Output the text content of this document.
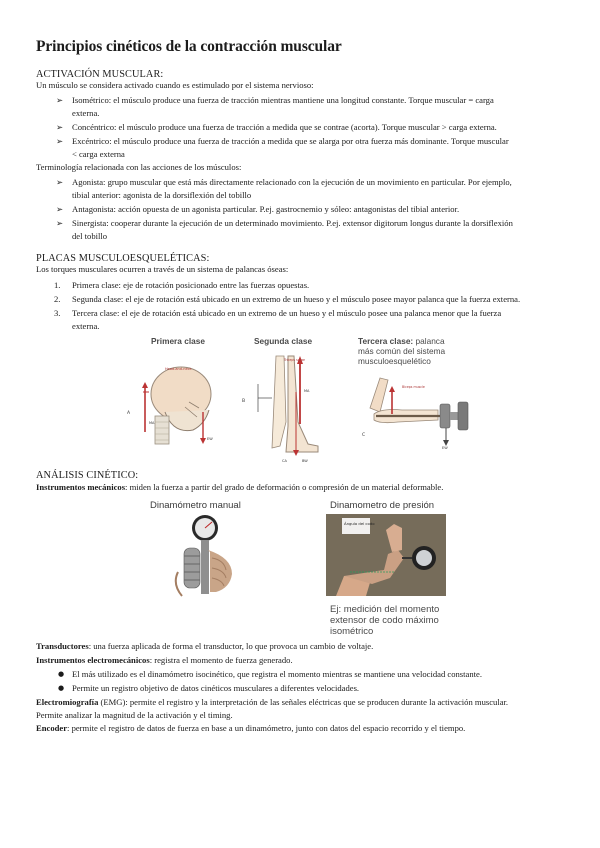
Principios cinéticos de la contracción muscular
ACTIVACIÓN MUSCULAR:
Un músculo se considera activado cuando es estimulado por el sistema nervioso:
➢ Isométrico: el músculo produce una fuerza de tracción mientras mantiene una longitud constante. Torque muscular = carga
externa.
➢ Concéntrico: el músculo produce una fuerza de tracción a medida que se contrae (acorta). Torque muscular > carga externa.
➢ Excéntrico: el músculo produce una fuerza de tracción a medida que se alarga por otra fuerza más dominante. Torque muscular
< carga externa
Terminología relacionada con las acciones de los músculos:
➢ Agonista: grupo muscular que está más directamente relacionado con la ejecución de un movimiento en particular. Por ejemplo,
tibial anterior: agonista de la dorsiflexión del tobillo
➢ Antagonista: acción opuesta de un agonista particular. P.ej. gastrocnemio y sóleo: antagonistas del tibial anterior.
➢ Sinergista: cooperar durante la ejecución de un determinado movimiento. P.ej. extensor digitorum longus durante la dorsiflexión
del tobillo
PLACAS MUSCULOESQUELÉTICAS:
Los torques musculares ocurren a través de un sistema de palancas óseas:
1. Primera clase: eje de rotación posicionado entre las fuerzas opuestas.
2. Segunda clase: el eje de rotación está ubicado en un extremo de un hueso y el músculo posee mayor palanca que la fuerza externa.
3. Tercera clase: el eje de rotación está ubicado en un extremo de un hueso y el músculo posee una palanca menor que la fuerza
externa.
Primera clase	Segunda clase	Tercera clase: palanca
más común del sistema
musculoesquelético
Head-and-neck
A
MA
EW
Triceps surae
B
MA
BW
CA
Biceps muscle
C
EW
ANÁLISIS CINÉTICO:
Instrumentos mecánicos: miden la fuerza a partir del grado de deformación o compresión de un material deformable.
Dinamómetro manual	Dinamometro de presión
Ángulo del codo
Ej: medición del momento
extensor de codo máximo
isométrico
Transductores: una fuerza aplicada de forma el transductor, lo que provoca un cambio de voltaje.
Instrumentos electromecánicos: registra el momento de fuerza generado.
● El más utilizado es el dinamómetro isocinético, que registra el momento mientras se mantiene una velocidad constante.
● Permite un registro objetivo de datos cinéticos musculares a diferentes velocidades.
Electromiografía (EMG): permite el registro y la interpretación de las señales eléctricas que se producen durante la activación muscular.
Permite analizar la magnitud de la activación y el timing.
Encoder: permite el registro de datos de fuerza en base a un dinamómetro, junto con datos del espacio recorrido y el tiempo.
